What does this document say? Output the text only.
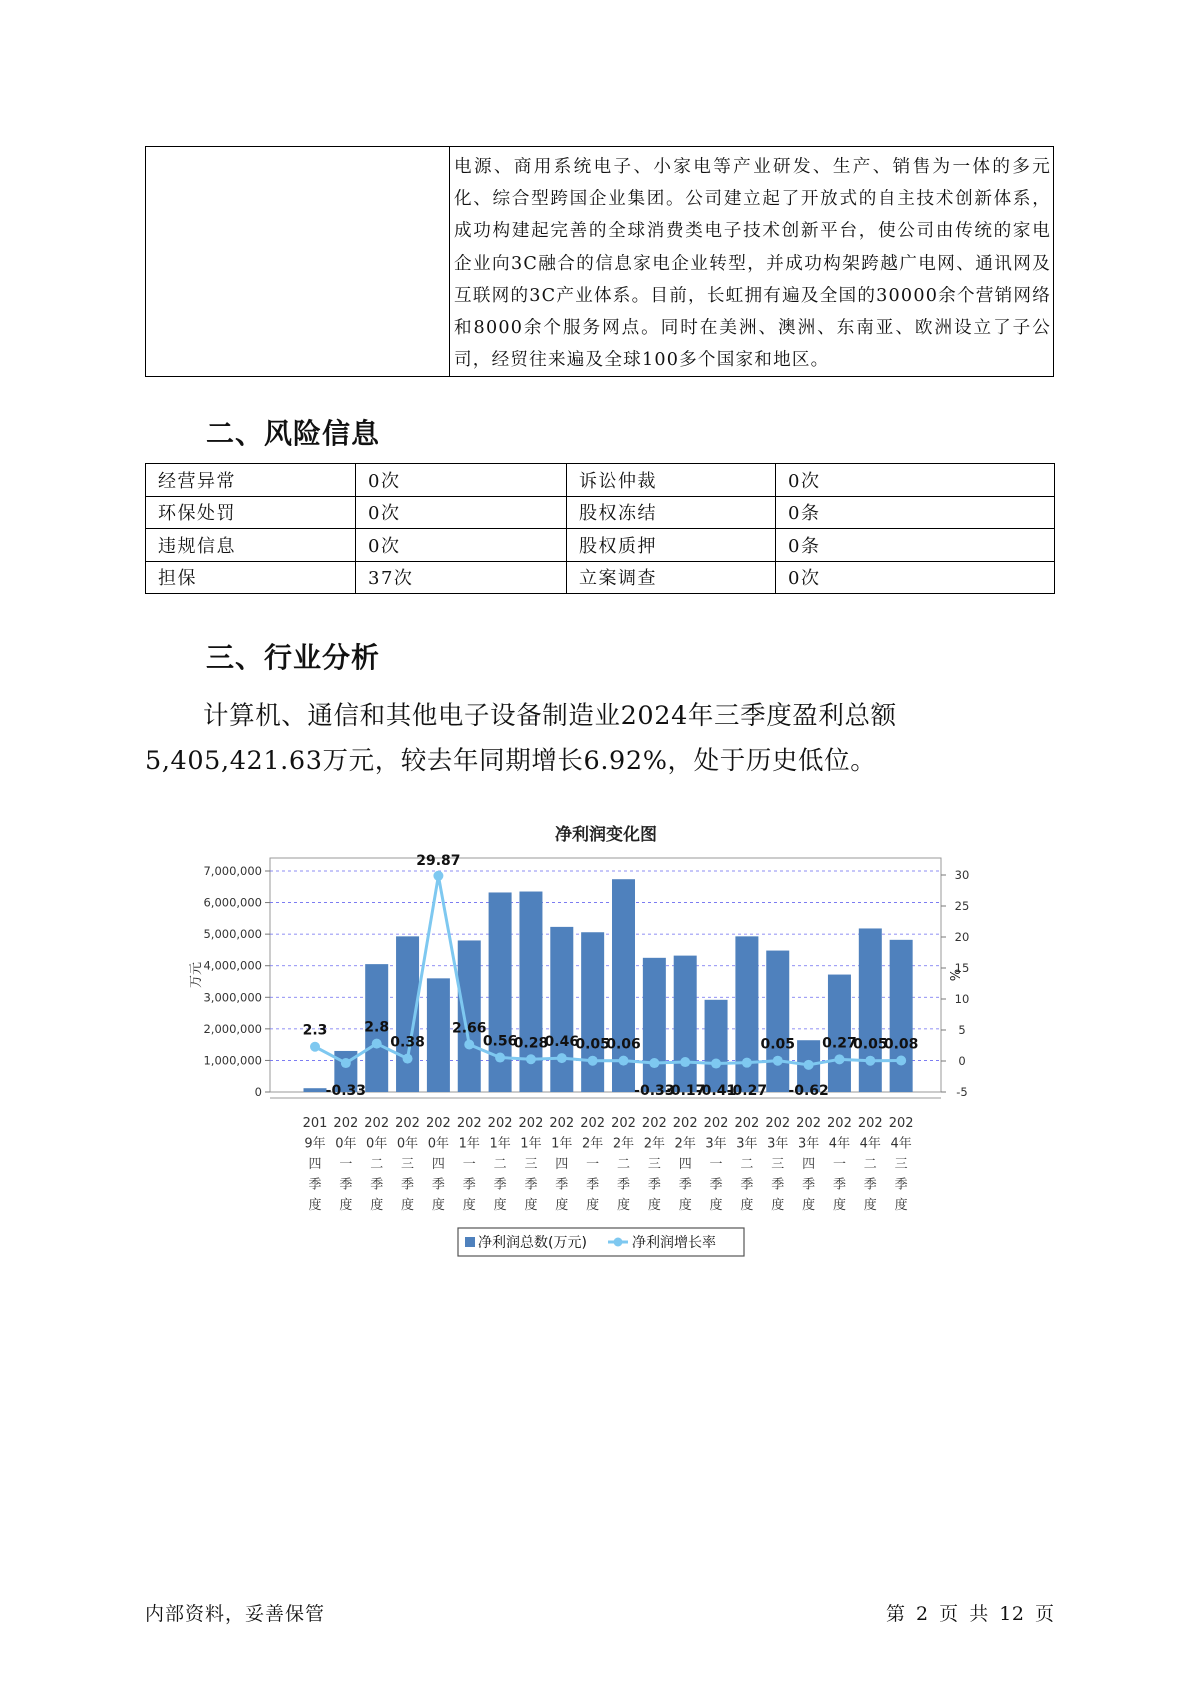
电源、商用系统电子、小家电等产业研发、生产、销售为一体的多元化、综合型跨国企业集团。公司建立起了开放式的自主技术创新体系，成功构建起完善的全球消费类电子技术创新平台，使公司由传统的家电企业向3C融合的信息家电企业转型，并成功构架跨越广电网、通讯网及互联网的3C产业体系。目前，长虹拥有遍及全国的30000余个营销网络和8000余个服务网点。同时在美洲、澳洲、东南亚、欧洲设立了子公司，经贸往来遍及全球100多个国家和地区。
二、风险信息
经营异常	0次	诉讼仲裁	0次
环保处罚	0次	股权冻结	0条
违规信息	0次	股权质押	0条
担保	37次	立案调查	0次
三、行业分析

计算机、通信和其他电子设备制造业2024年三季度盈利总额5,405,421.63万元，较去年同期增长6.92%，处于历史低位。

净利润变化图
0
1,000,000
2,000,000
3,000,000
4,000,000
5,000,000
6,000,000
7,000,000
-5
0
5
10
15
20
25
30
万元	%
201 9年四季度
202 0年一季度
202 0年二季度
202 0年三季度
202 0年四季度
202 1年一季度
202 1年二季度
202 1年三季度
202 1年四季度
202 2年一季度
202 2年二季度
202 2年三季度
202 2年四季度
202 3年一季度
202 3年二季度
202 3年三季度
202 3年四季度
202 4年一季度
202 4年二季度
202 4年三季度
2.3
-0.33
2.8
0.38
29.87
2.66
0.56
0.28
0.46
0.05
0.06
-0.33
-0.17
-0.41
-0.27
0.05
-0.62
0.27
0.05
0.08
净利润总数(万元)	净利润增长率
内部资料，妥善保管	第 2 页 共 12 页
